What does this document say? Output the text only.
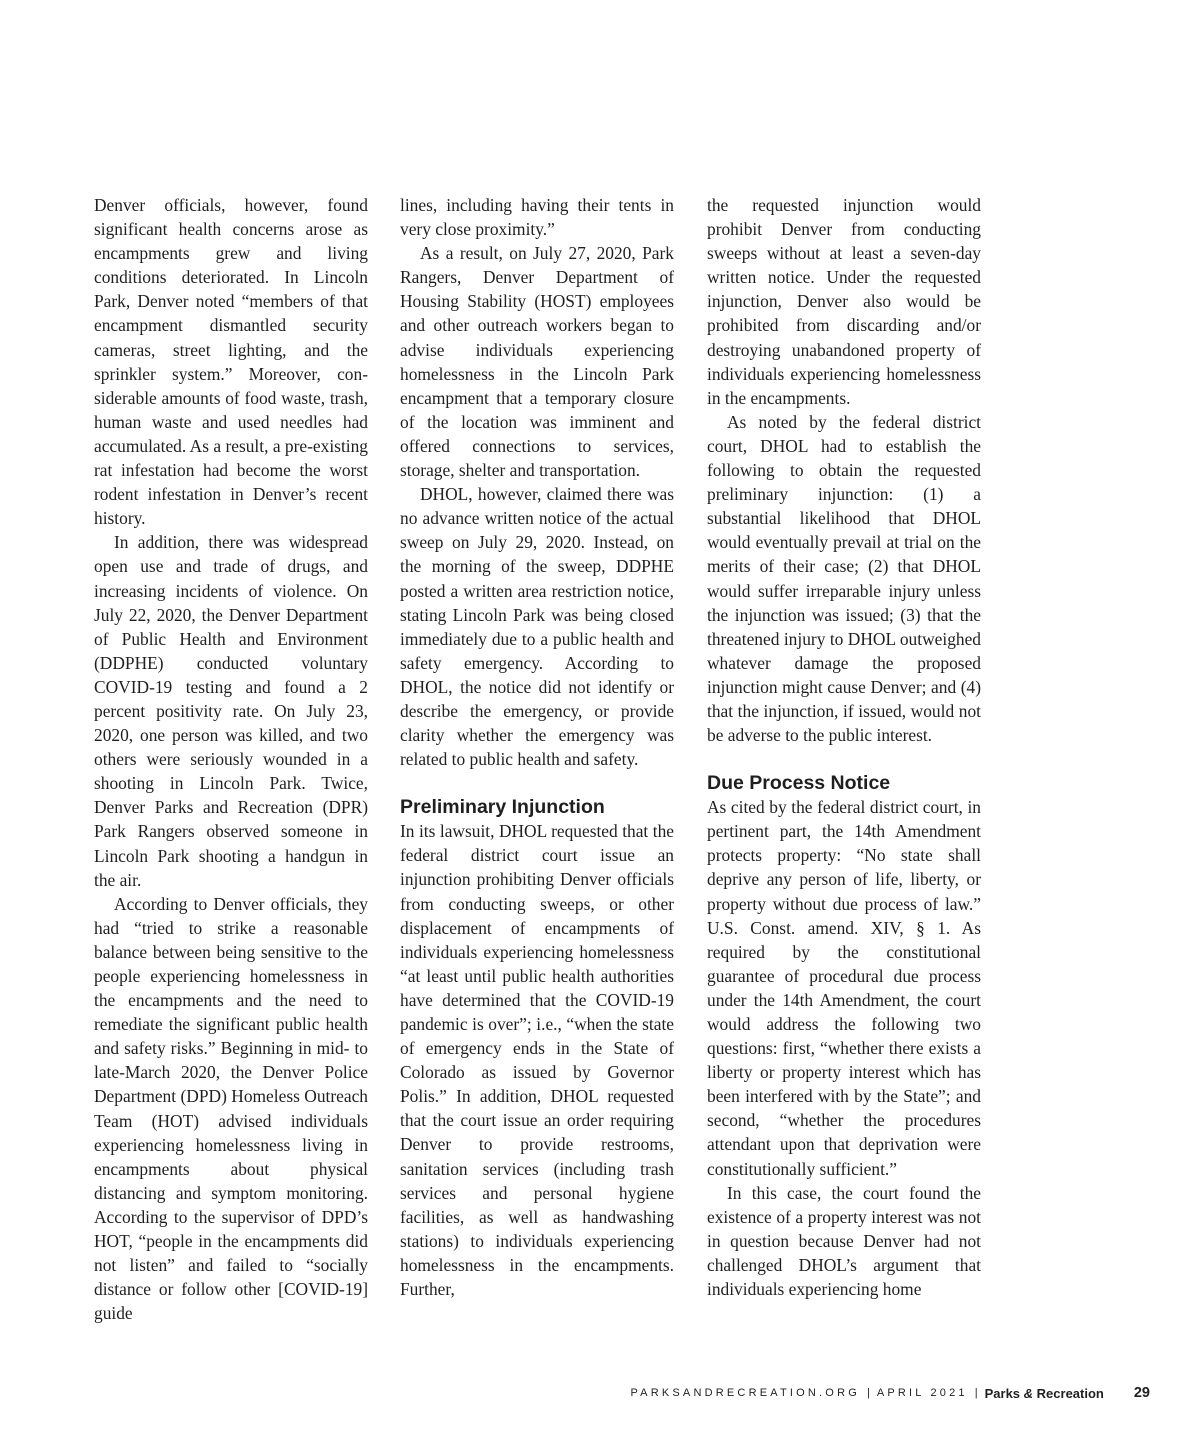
Denver officials, however, found significant health concerns arose as encampments grew and living conditions deteriorated. In Lincoln Park, Denver noted “members of that encampment dismantled security cameras, street lighting, and the sprinkler system.” Moreover, considerable amounts of food waste, trash, human waste and used needles had accumulated. As a result, a pre-existing rat infestation had become the worst rodent infestation in Denver’s recent history.

In addition, there was widespread open use and trade of drugs, and increasing incidents of violence. On July 22, 2020, the Denver Department of Public Health and Environment (DDPHE) conducted voluntary COVID-19 testing and found a 2 percent positivity rate. On July 23, 2020, one person was killed, and two others were seriously wounded in a shooting in Lincoln Park. Twice, Denver Parks and Recreation (DPR) Park Rangers observed someone in Lincoln Park shooting a handgun in the air.

According to Denver officials, they had “tried to strike a reasonable balance between being sensitive to the people experiencing homelessness in the encampments and the need to remediate the significant public health and safety risks.” Beginning in mid- to late-March 2020, the Denver Police Department (DPD) Homeless Outreach Team (HOT) advised individuals experiencing homelessness living in encampments about physical distancing and symptom monitoring. According to the supervisor of DPD’s HOT, “people in the encampments did not listen” and failed to “socially distance or follow other [COVID-19] guide

lines, including having their tents in very close proximity.”

As a result, on July 27, 2020, Park Rangers, Denver Department of Housing Stability (HOST) employees and other outreach workers began to advise individuals experiencing homelessness in the Lincoln Park encampment that a temporary closure of the location was imminent and offered connections to services, storage, shelter and transportation.

DHOL, however, claimed there was no advance written notice of the actual sweep on July 29, 2020. Instead, on the morning of the sweep, DDPHE posted a written area restriction notice, stating Lincoln Park was being closed immediately due to a public health and safety emergency. According to DHOL, the notice did not identify or describe the emergency, or provide clarity whether the emergency was related to public health and safety.

Preliminary Injunction

In its lawsuit, DHOL requested that the federal district court issue an injunction prohibiting Denver officials from conducting sweeps, or other displacement of encampments of individuals experiencing homelessness “at least until public health authorities have determined that the COVID-19 pandemic is over”; i.e., “when the state of emergency ends in the State of Colorado as issued by Governor Polis.” In addition, DHOL requested that the court issue an order requiring Denver to provide restrooms, sanitation services (including trash services and personal hygiene facilities, as well as handwashing stations) to individuals experiencing homelessness in the encampments. Further,

the requested injunction would prohibit Denver from conducting sweeps without at least a seven-day written notice. Under the requested injunction, Denver also would be prohibited from discarding and/or destroying unabandoned property of individuals experiencing homelessness in the encampments.

As noted by the federal district court, DHOL had to establish the following to obtain the requested preliminary injunction: (1) a substantial likelihood that DHOL would eventually prevail at trial on the merits of their case; (2) that DHOL would suffer irreparable injury unless the injunction was issued; (3) that the threatened injury to DHOL outweighed whatever damage the proposed injunction might cause Denver; and (4) that the injunction, if issued, would not be adverse to the public interest.

Due Process Notice

As cited by the federal district court, in pertinent part, the 14th Amendment protects property: “No state shall deprive any person of life, liberty, or property without due process of law.” U.S. Const. amend. XIV, § 1. As required by the constitutional guarantee of procedural due process under the 14th Amendment, the court would address the following two questions: first, “whether there exists a liberty or property interest which has been interfered with by the State”; and second, “whether the procedures attendant upon that deprivation were constitutionally sufficient.”

In this case, the court found the existence of a property interest was not in question because Denver had not challenged DHOL’s argument that individuals experiencing home

PARKSANDRECREATION.ORG | APRIL 2021 | Parks & Recreation 29
